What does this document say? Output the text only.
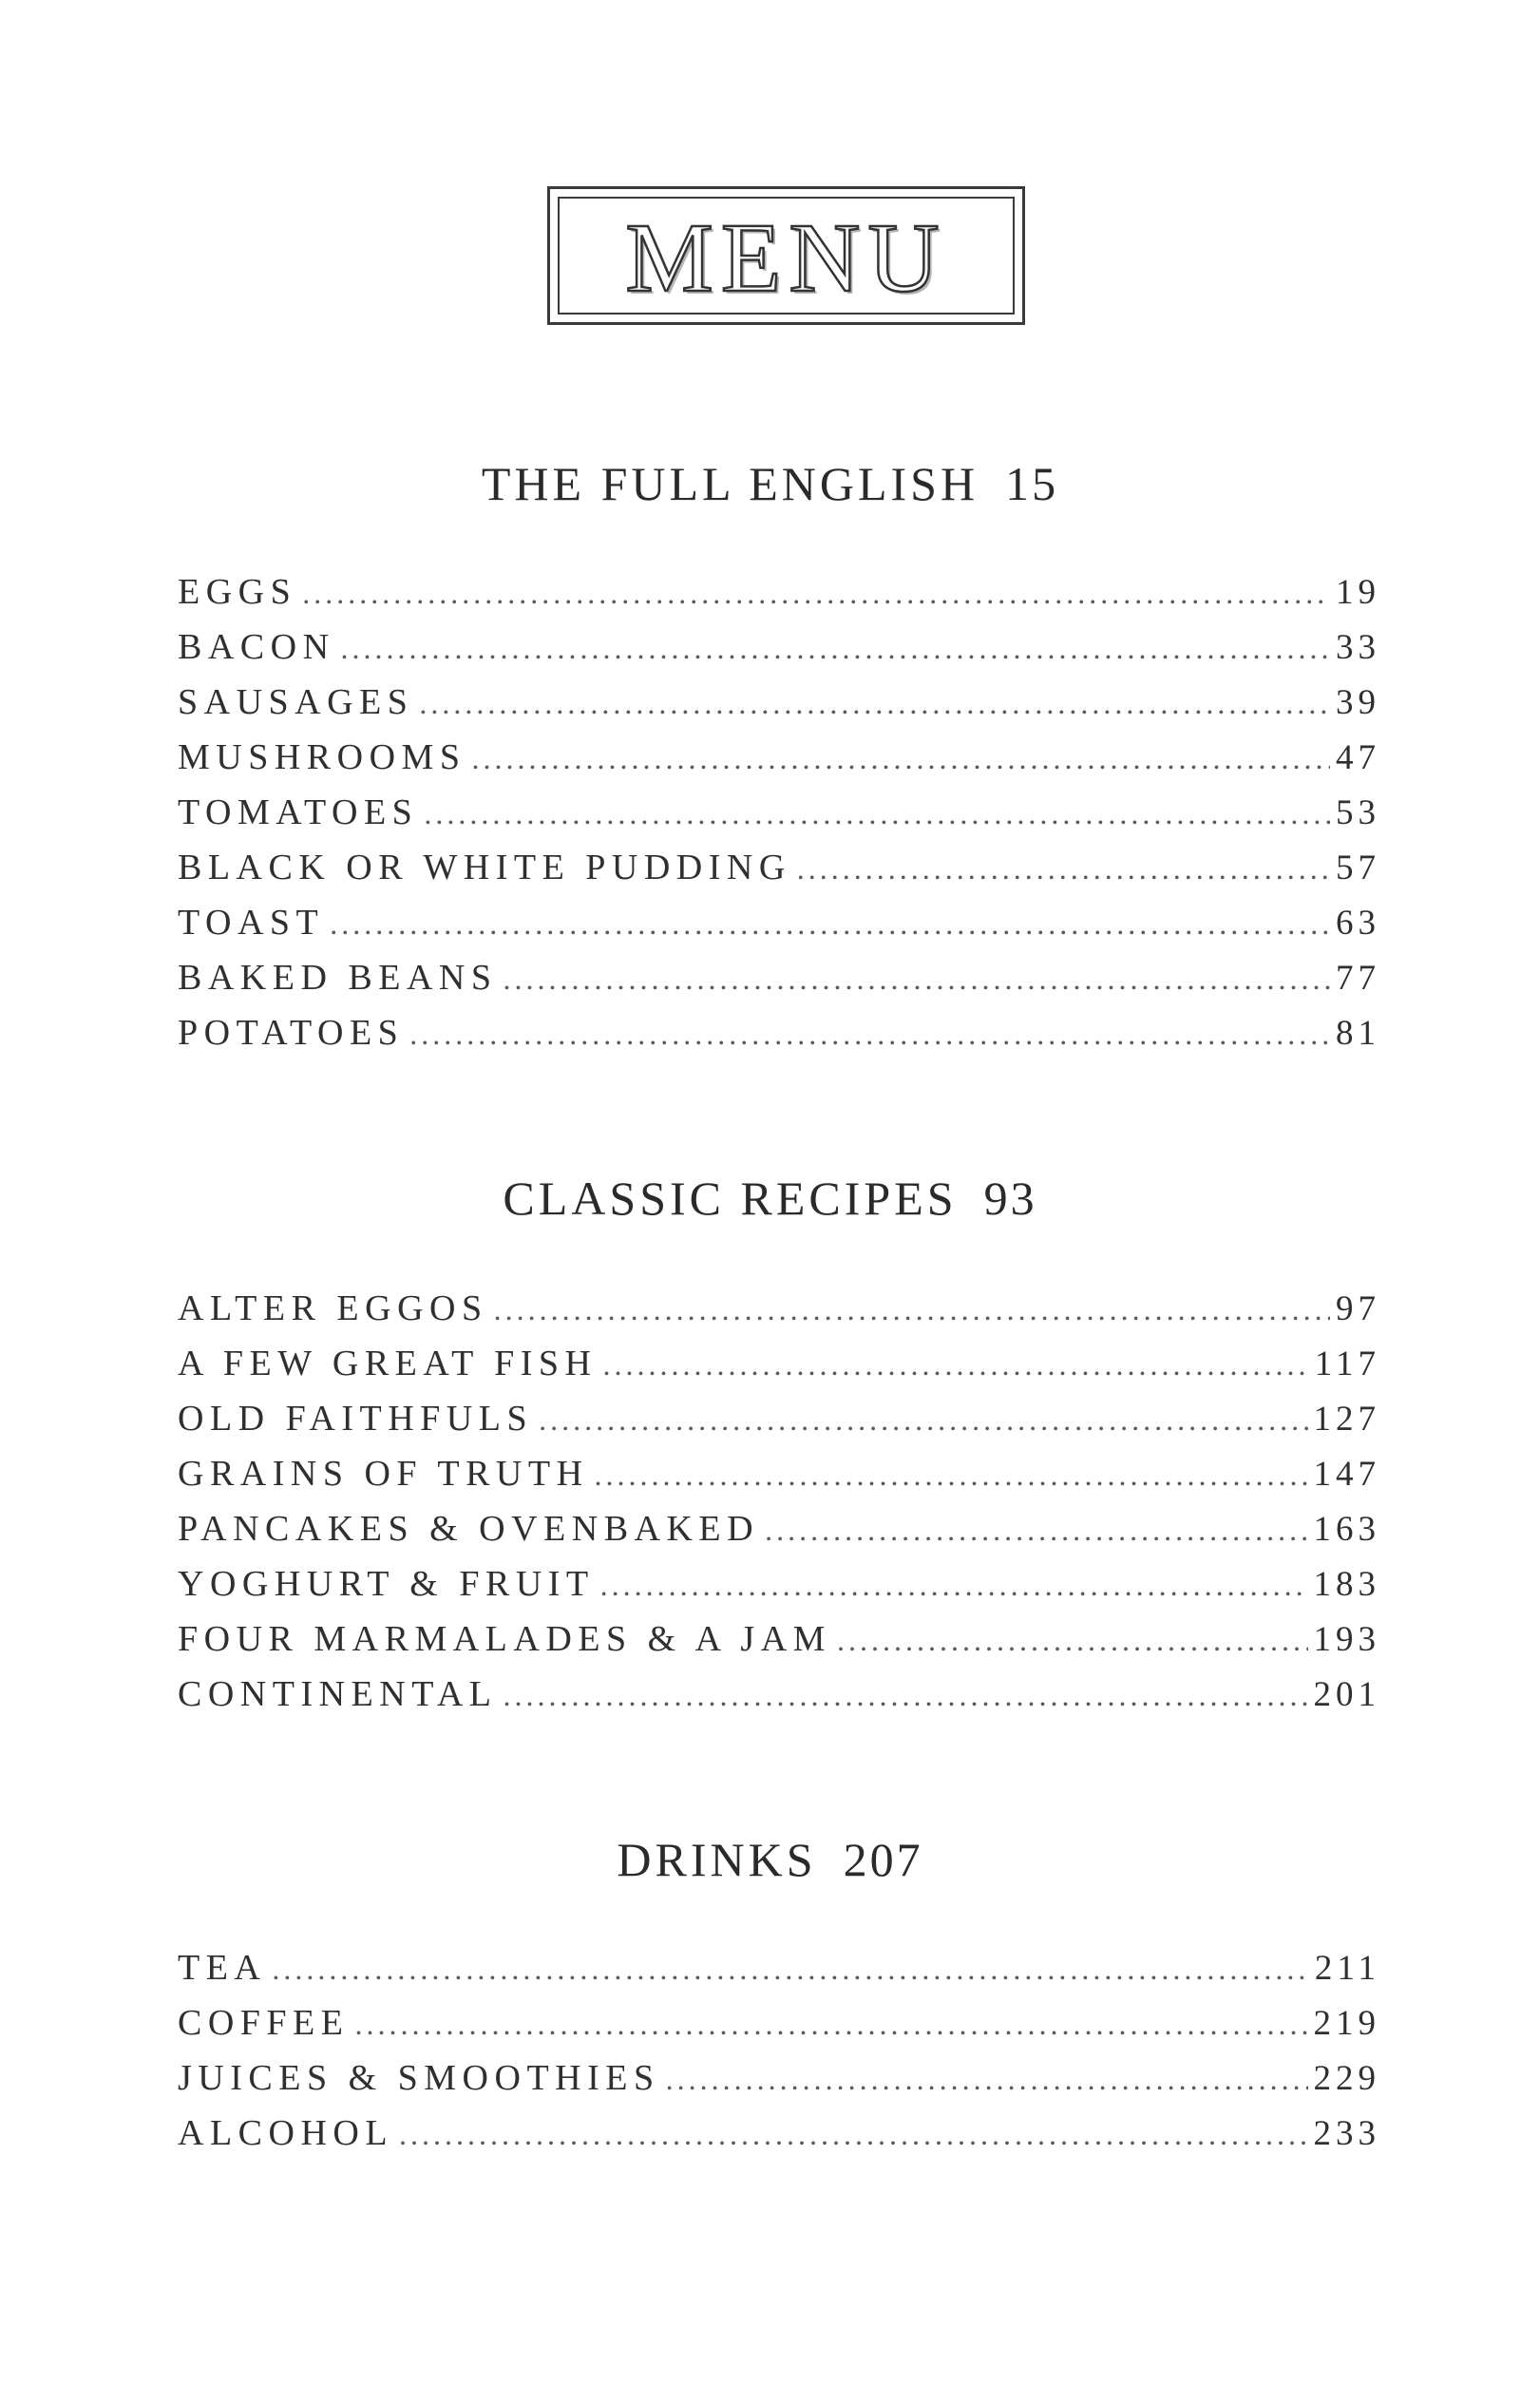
MENU
THE FULL ENGLISH 15
EGGS .....	19
BACON .....	33
SAUSAGES .....	39
MUSHROOMS .....	47
TOMATOES .....	53
BLACK OR WHITE PUDDING .....	57
TOAST .....	63
BAKED BEANS .....	77
POTATOES .....	81
CLASSIC RECIPES 93
ALTER EGGOS .....	97
A FEW GREAT FISH .....	117
OLD FAITHFULS .....	127
GRAINS OF TRUTH .....	147
PANCAKES & OVENBAKED .....	163
YOGHURT & FRUIT .....	183
FOUR MARMALADES & A JAM .....	193
CONTINENTAL .....	201
DRINKS 207
TEA .....	211
COFFEE .....	219
JUICES & SMOOTHIES .....	229
ALCOHOL .....	233
